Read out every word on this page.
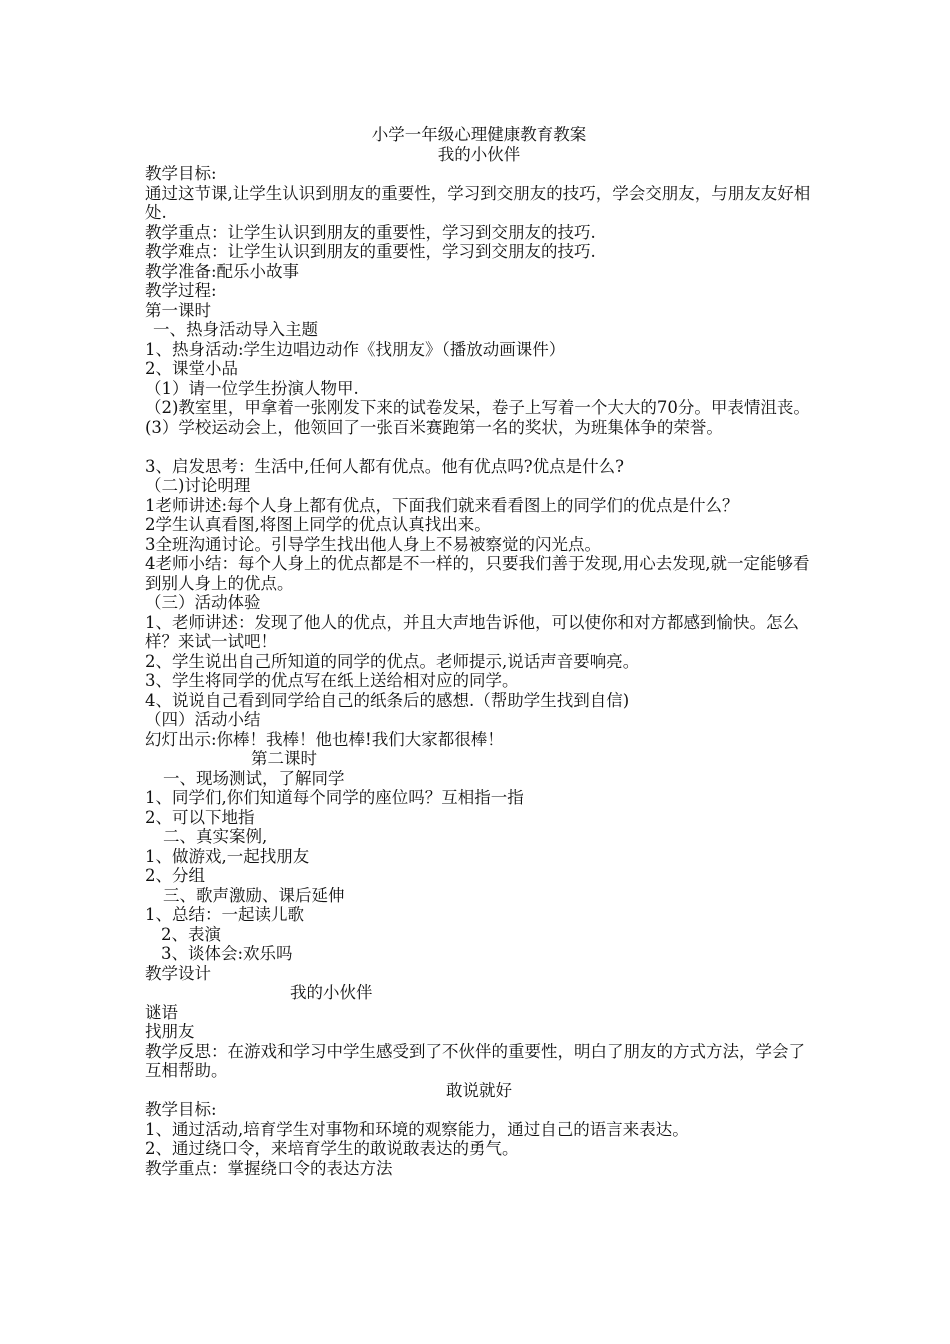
小学一年级心理健康教育教案
我的小伙伴
教学目标:
通过这节课,让学生认识到朋友的重要性，学习到交朋友的技巧，学会交朋友，与朋友友好相处.
教学重点：让学生认识到朋友的重要性，学习到交朋友的技巧.
教学难点：让学生认识到朋友的重要性，学习到交朋友的技巧.
教学准备:配乐小故事
教学过程:
第一课时
一、热身活动导入主题
1、热身活动:学生边唱边动作《找朋友》（播放动画课件）
2、课堂小品
（1）请一位学生扮演人物甲.
（2)教室里，甲拿着一张刚发下来的试卷发呆，卷子上写着一个大大的70分。甲表情沮丧。
(3）学校运动会上，他领回了一张百米赛跑第一名的奖状，为班集体争的荣誉。
3、启发思考：生活中,任何人都有优点。他有优点吗?优点是什么?
（二)讨论明理
1老师讲述:每个人身上都有优点，下面我们就来看看图上的同学们的优点是什么？
2学生认真看图,将图上同学的优点认真找出来。
3全班沟通讨论。引导学生找出他人身上不易被察觉的闪光点。
4老师小结：每个人身上的优点都是不一样的，只要我们善于发现,用心去发现,就一定能够看到别人身上的优点。
（三）活动体验
1、老师讲述：发现了他人的优点，并且大声地告诉他，可以使你和对方都感到愉快。怎么样？来试一试吧！
2、学生说出自己所知道的同学的优点。老师提示,说话声音要响亮。
3、学生将同学的优点写在纸上送给相对应的同学。
4、说说自己看到同学给自己的纸条后的感想.（帮助学生找到自信)
（四）活动小结
幻灯出示:你棒！我棒！他也棒!我们大家都很棒！
第二课时
一、现场测试，了解同学
1、同学们,你们知道每个同学的座位吗？互相指一指
2、可以下地指
二、真实案例,
1、做游戏,一起找朋友
2、分组
三、歌声激励、课后延伸
1、总结：一起读儿歌
2、表演
3、谈体会:欢乐吗
教学设计
我的小伙伴
谜语
找朋友
教学反思：在游戏和学习中学生感受到了不伙伴的重要性，明白了朋友的方式方法，学会了互相帮助。
敢说就好
教学目标:
1、通过活动,培育学生对事物和环境的观察能力，通过自己的语言来表达。
2、通过绕口令，来培育学生的敢说敢表达的勇气。
教学重点：掌握绕口令的表达方法
